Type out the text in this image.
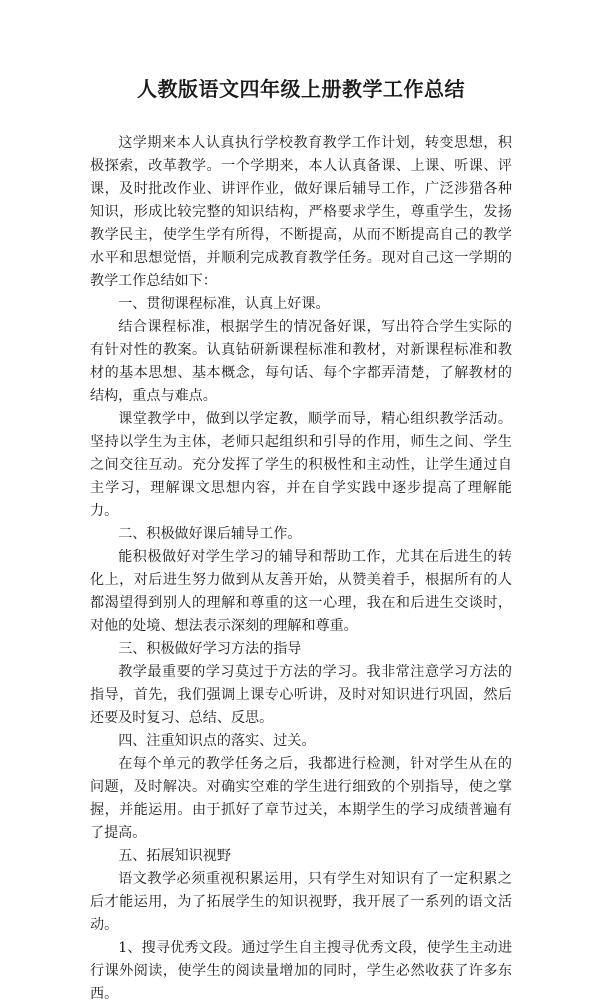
人教版语文四年级上册教学工作总结

这学期来本人认真执行学校教育教学工作计划，转变思想，积极探索，改革教学。一个学期来，本人认真备课、上课、听课、评课，及时批改作业、讲评作业，做好课后辅导工作，广泛涉猎各种知识，形成比较完整的知识结构，严格要求学生，尊重学生，发扬教学民主，使学生学有所得，不断提高，从而不断提高自己的教学水平和思想觉悟，并顺利完成教育教学任务。现对自己这一学期的教学工作总结如下：

一、贯彻课程标准，认真上好课。

结合课程标准，根据学生的情况备好课，写出符合学生实际的有针对性的教案。认真钻研新课程标准和教材，对新课程标准和教材的基本思想、基本概念，每句话、每个字都弄清楚，了解教材的结构，重点与难点。

课堂教学中，做到以学定教，顺学而导，精心组织教学活动。坚持以学生为主体，老师只起组织和引导的作用，师生之间、学生之间交往互动。充分发挥了学生的积极性和主动性，让学生通过自主学习，理解课文思想内容，并在自学实践中逐步提高了理解能力。

二、积极做好课后辅导工作。

能积极做好对学生学习的辅导和帮助工作，尤其在后进生的转化上，对后进生努力做到从友善开始，从赞美着手，根据所有的人都渴望得到别人的理解和尊重的这一心理，我在和后进生交谈时，对他的处境、想法表示深刻的理解和尊重。

三、积极做好学习方法的指导

教学最重要的学习莫过于方法的学习。我非常注意学习方法的指导，首先，我们强调上课专心听讲，及时对知识进行巩固，然后还要及时复习、总结、反思。

四、注重知识点的落实、过关。

在每个单元的教学任务之后，我都进行检测，针对学生从在的问题，及时解决。对确实空难的学生进行细致的个别指导，使之掌握，并能运用。由于抓好了章节过关，本期学生的学习成绩普遍有了提高。

五、拓展知识视野

语文教学必须重视积累运用，只有学生对知识有了一定积累之后才能运用，为了拓展学生的知识视野，我开展了一系列的语文活动。

1、搜寻优秀文段。通过学生自主搜寻优秀文段，使学生主动进行课外阅读，使学生的阅读量增加的同时，学生必然收获了许多东西。
